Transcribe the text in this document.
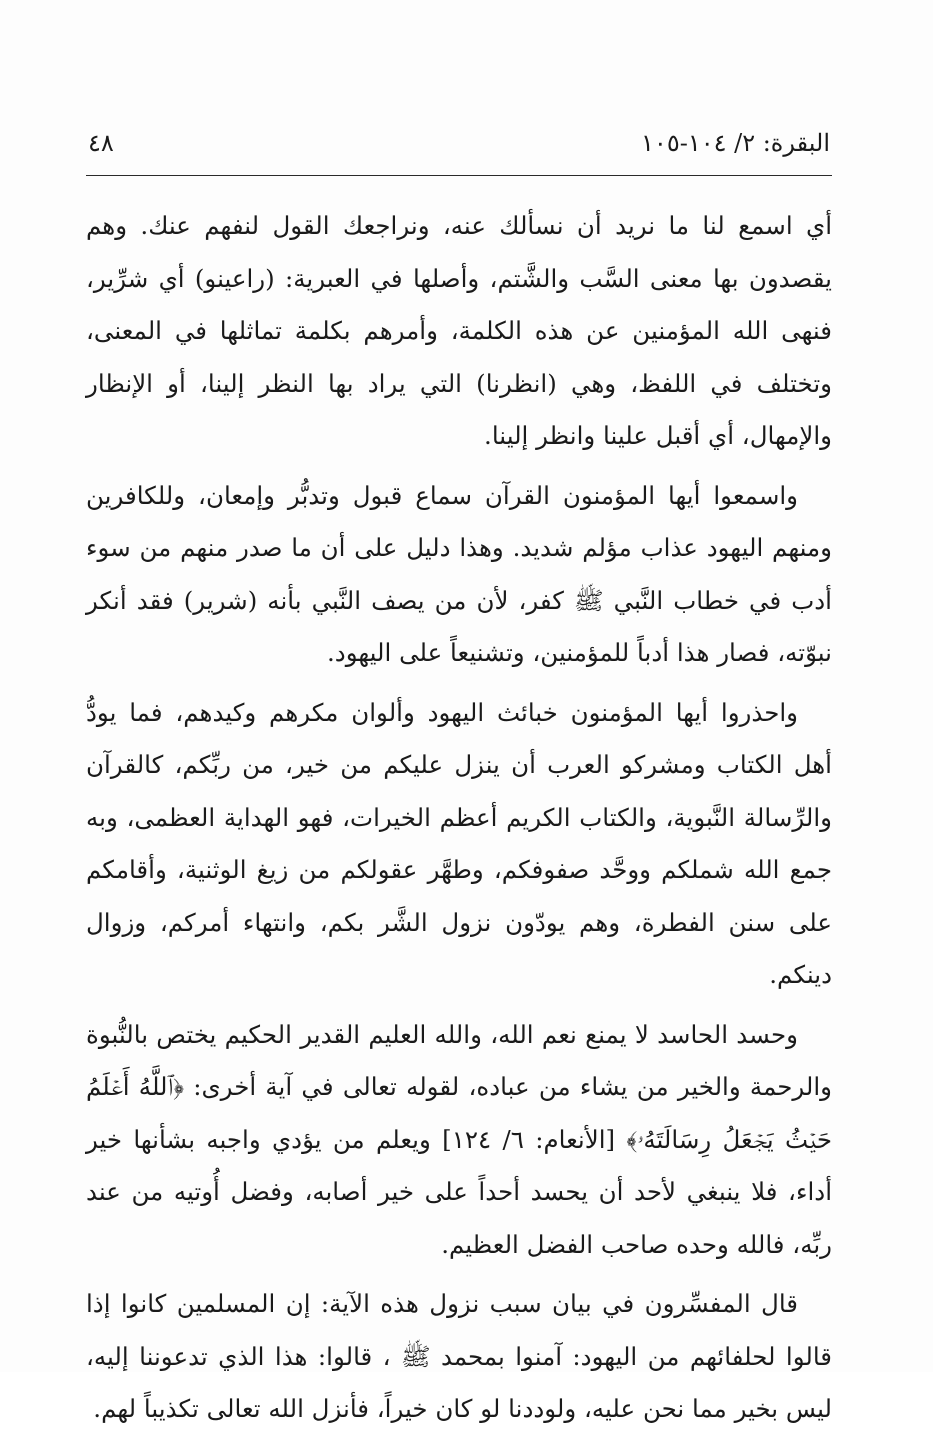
البقرة: ٢/ ١٠٤-١٠٥
٤٨

أي اسمع لنا ما نريد أن نسألك عنه، ونراجعك القول لنفهم عنك. وهم يقصدون بها معنى السَّب والشَّتم، وأصلها في العبرية: (راعينو) أي شرِّير، فنهى الله المؤمنين عن هذه الكلمة، وأمرهم بكلمة تماثلها في المعنى، وتختلف في اللفظ، وهي (انظرنا) التي يراد بها النظر إلينا، أو الإنظار والإمهال، أي أقبل علينا وانظر إلينا.

واسمعوا أيها المؤمنون القرآن سماع قبول وتدبُّر وإمعان، وللكافرين ومنهم اليهود عذاب مؤلم شديد. وهذا دليل على أن ما صدر منهم من سوء أدب في خطاب النَّبي ﷺ كفر، لأن من يصف النَّبي بأنه (شرير) فقد أنكر نبوّته، فصار هذا أدباً للمؤمنين، وتشنيعاً على اليهود.

واحذروا أيها المؤمنون خبائث اليهود وألوان مكرهم وكيدهم، فما يودُّ أهل الكتاب ومشركو العرب أن ينزل عليكم من خير، من ربِّكم، كالقرآن والرِّسالة النَّبوية، والكتاب الكريم أعظم الخيرات، فهو الهداية العظمى، وبه جمع الله شملكم ووحَّد صفوفكم، وطهَّر عقولكم من زيغ الوثنية، وأقامكم على سنن الفطرة، وهم يودّون نزول الشَّر بكم، وانتهاء أمركم، وزوال دينكم.

وحسد الحاسد لا يمنع نعم الله، والله العليم القدير الحكيم يختص بالنُّبوة والرحمة والخير من يشاء من عباده، لقوله تعالى في آية أخرى: ﴿ٱللَّهُ أَعۡلَمُ حَيۡثُ يَجۡعَلُ رِسَالَتَهُۥ﴾ [الأنعام: ٦/ ١٢٤] ويعلم من يؤدي واجبه بشأنها خير أداء، فلا ينبغي لأحد أن يحسد أحداً على خير أصابه، وفضل أُوتيه من عند ربِّه، فالله وحده صاحب الفضل العظيم.

قال المفسِّرون في بيان سبب نزول هذه الآية: إن المسلمين كانوا إذا قالوا لحلفائهم من اليهود: آمنوا بمحمد ﷺ ، قالوا: هذا الذي تدعوننا إليه، ليس بخير مما نحن عليه، ولوددنا لو كان خيراً، فأنزل الله تعالى تكذيباً لهم.
